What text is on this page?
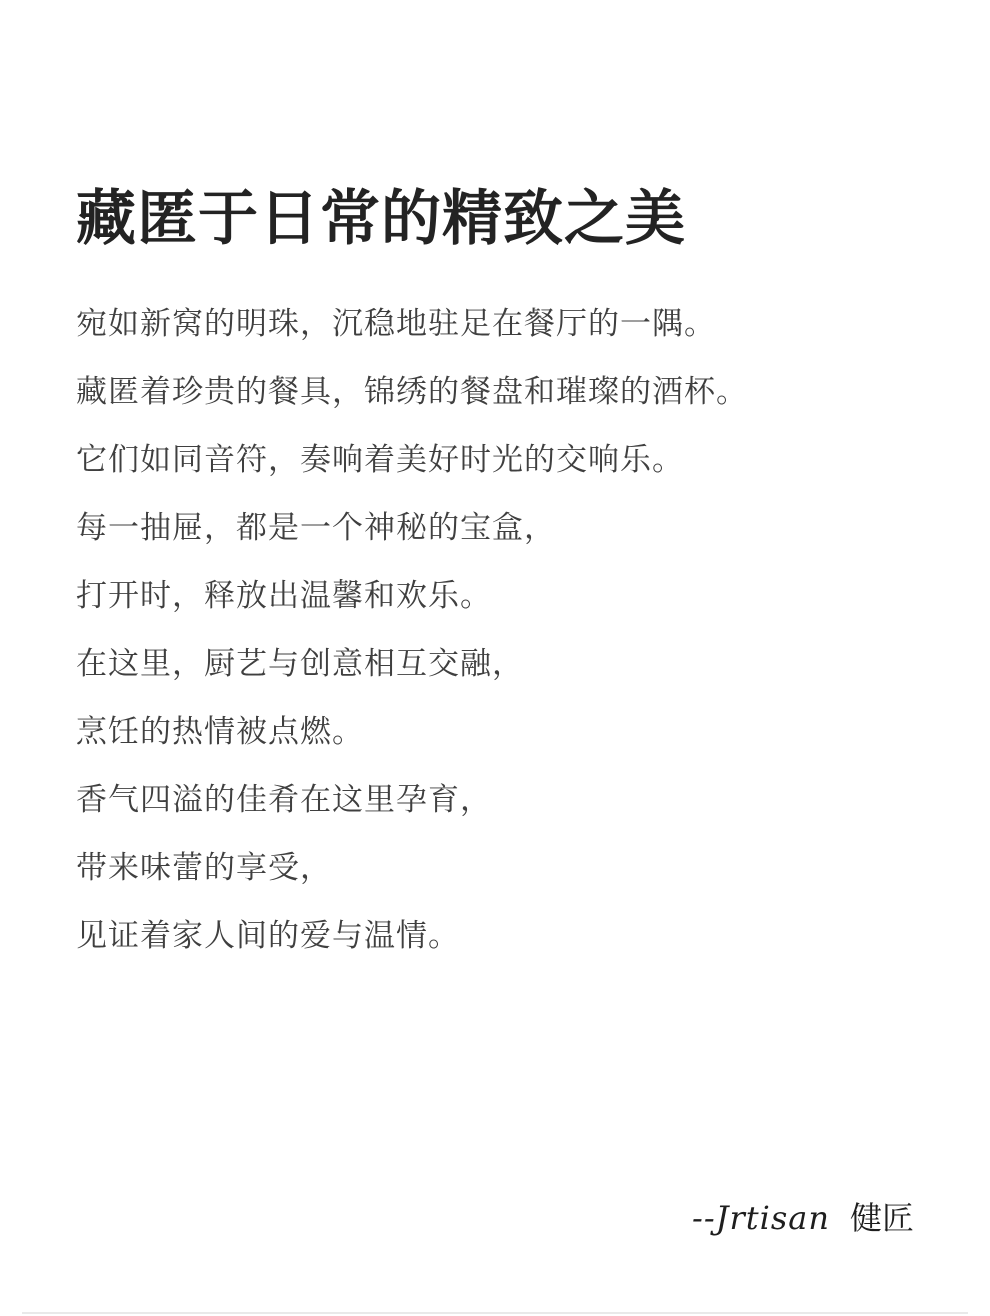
藏匿于日常的精致之美
宛如新窝的明珠，沉稳地驻足在餐厅的一隅。
藏匿着珍贵的餐具，锦绣的餐盘和璀璨的酒杯。
它们如同音符，奏响着美好时光的交响乐。
每一抽屉，都是一个神秘的宝盒，
打开时，释放出温馨和欢乐。
在这里，厨艺与创意相互交融，
烹饪的热情被点燃。
香气四溢的佳肴在这里孕育，
带来味蕾的享受，
见证着家人间的爱与温情。
--Jrtisan 健匠
